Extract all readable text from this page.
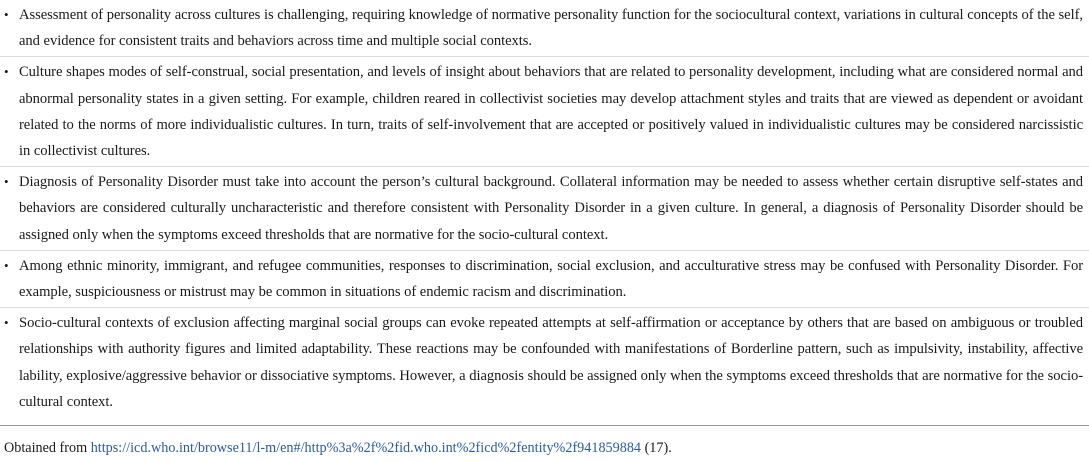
• Assessment of personality across cultures is challenging, requiring knowledge of normative personality function for the sociocultural context, variations in cultural concepts of the self, and evidence for consistent traits and behaviors across time and multiple social contexts.
• Culture shapes modes of self-construal, social presentation, and levels of insight about behaviors that are related to personality development, including what are considered normal and abnormal personality states in a given setting. For example, children reared in collectivist societies may develop attachment styles and traits that are viewed as dependent or avoidant related to the norms of more individualistic cultures. In turn, traits of self-involvement that are accepted or positively valued in individualistic cultures may be considered narcissistic in collectivist cultures.
• Diagnosis of Personality Disorder must take into account the person’s cultural background. Collateral information may be needed to assess whether certain disruptive self-states and behaviors are considered culturally uncharacteristic and therefore consistent with Personality Disorder in a given culture. In general, a diagnosis of Personality Disorder should be assigned only when the symptoms exceed thresholds that are normative for the socio-cultural context.
• Among ethnic minority, immigrant, and refugee communities, responses to discrimination, social exclusion, and acculturative stress may be confused with Personality Disorder. For example, suspiciousness or mistrust may be common in situations of endemic racism and discrimination.
• Socio-cultural contexts of exclusion affecting marginal social groups can evoke repeated attempts at self-affirmation or acceptance by others that are based on ambiguous or troubled relationships with authority figures and limited adaptability. These reactions may be confounded with manifestations of Borderline pattern, such as impulsivity, instability, affective lability, explosive/aggressive behavior or dissociative symptoms. However, a diagnosis should be assigned only when the symptoms exceed thresholds that are normative for the socio-cultural context.
Obtained from https://icd.who.int/browse11/l-m/en#/http%3a%2f%2fid.who.int%2ficd%2fentity%2f941859884 (17).
